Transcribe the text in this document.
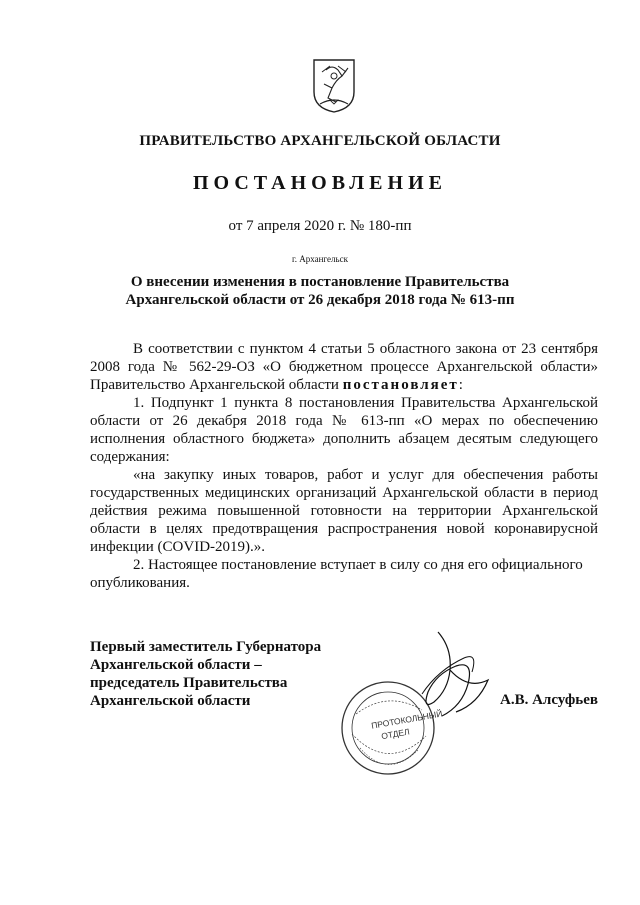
ПРАВИТЕЛЬСТВО АРХАНГЕЛЬСКОЙ ОБЛАСТИ
ПОСТАНОВЛЕНИЕ
от 7 апреля 2020 г. № 180-пп
г. Архангельск
О внесении изменения в постановление Правительства
Архангельской области от 26 декабря 2018 года № 613-пп

В соответствии с пунктом 4 статьи 5 областного закона от 23 сентября 2008 года № 562-29-ОЗ «О бюджетном процессе Архангельской области» Правительство Архангельской области постановляет:

1. Подпункт 1 пункта 8 постановления Правительства Архангельской области от 26 декабря 2018 года № 613-пп «О мерах по обеспечению исполнения областного бюджета» дополнить абзацем десятым следующего содержания:

«на закупку иных товаров, работ и услуг для обеспечения работы государственных медицинских организаций Архангельской области в период действия режима повышенной готовности на территории Архангельской области в целях предотвращения распространения новой коронавирусной инфекции (COVID-2019).».

2. Настоящее постановление вступает в силу со дня его официального опубликования.

Первый заместитель Губернатора
Архангельской области –
председатель Правительства
Архангельской области	А.В. Алсуфьев
ПРОТОКОЛЬНЫЙ
ОТДЕЛ
